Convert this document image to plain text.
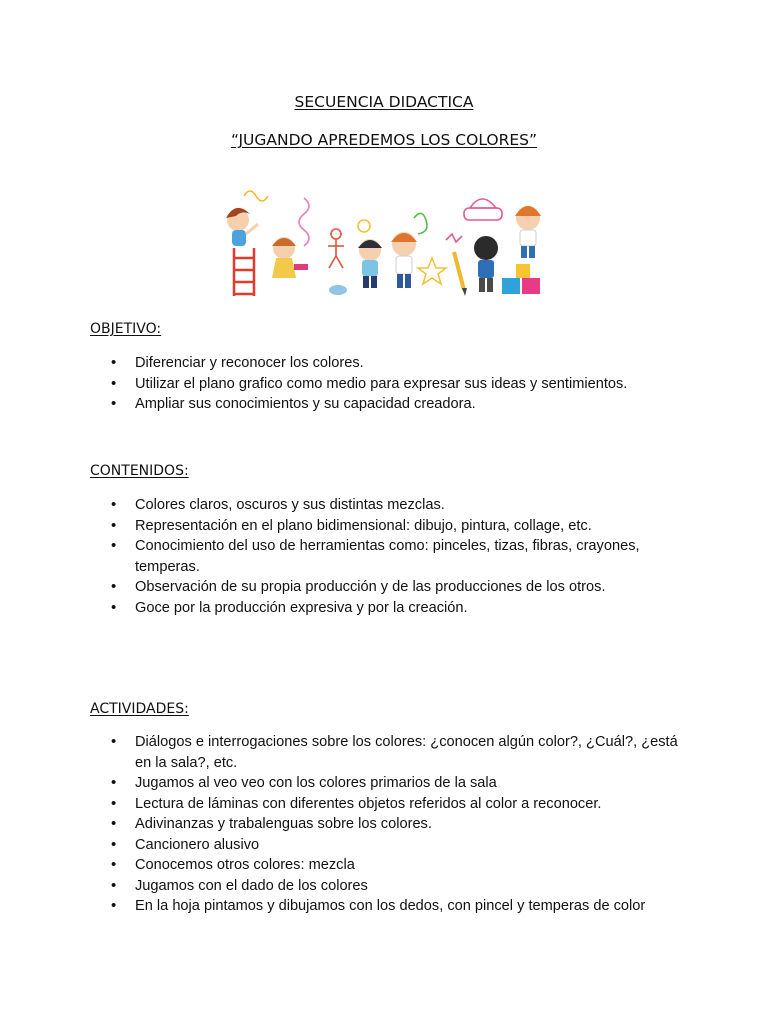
SECUENCIA DIDACTICA
“JUGANDO APREDEMOS LOS COLORES”
OBJETIVO:
• Diferenciar y reconocer los colores.
• Utilizar el plano grafico como medio para expresar sus ideas y sentimientos.
• Ampliar sus conocimientos y su capacidad creadora.
CONTENIDOS:
• Colores claros, oscuros y sus distintas mezclas.
• Representación en el plano bidimensional: dibujo, pintura, collage, etc.
• Conocimiento del uso de herramientas como: pinceles, tizas, fibras, crayones, temperas.
• Observación de su propia producción y de las producciones de los otros.
• Goce por la producción expresiva y por la creación.
ACTIVIDADES:
• Diálogos e interrogaciones sobre los colores: ¿conocen algún color?, ¿Cuál?, ¿está en la sala?, etc.
• Jugamos al veo veo con los colores primarios de la sala
• Lectura de láminas con diferentes objetos referidos al color a reconocer.
• Adivinanzas y trabalenguas sobre los colores.
• Cancionero alusivo
• Conocemos otros colores: mezcla
• Jugamos con el dado de los colores
• En la hoja pintamos y dibujamos con los dedos, con pincel y temperas de color
